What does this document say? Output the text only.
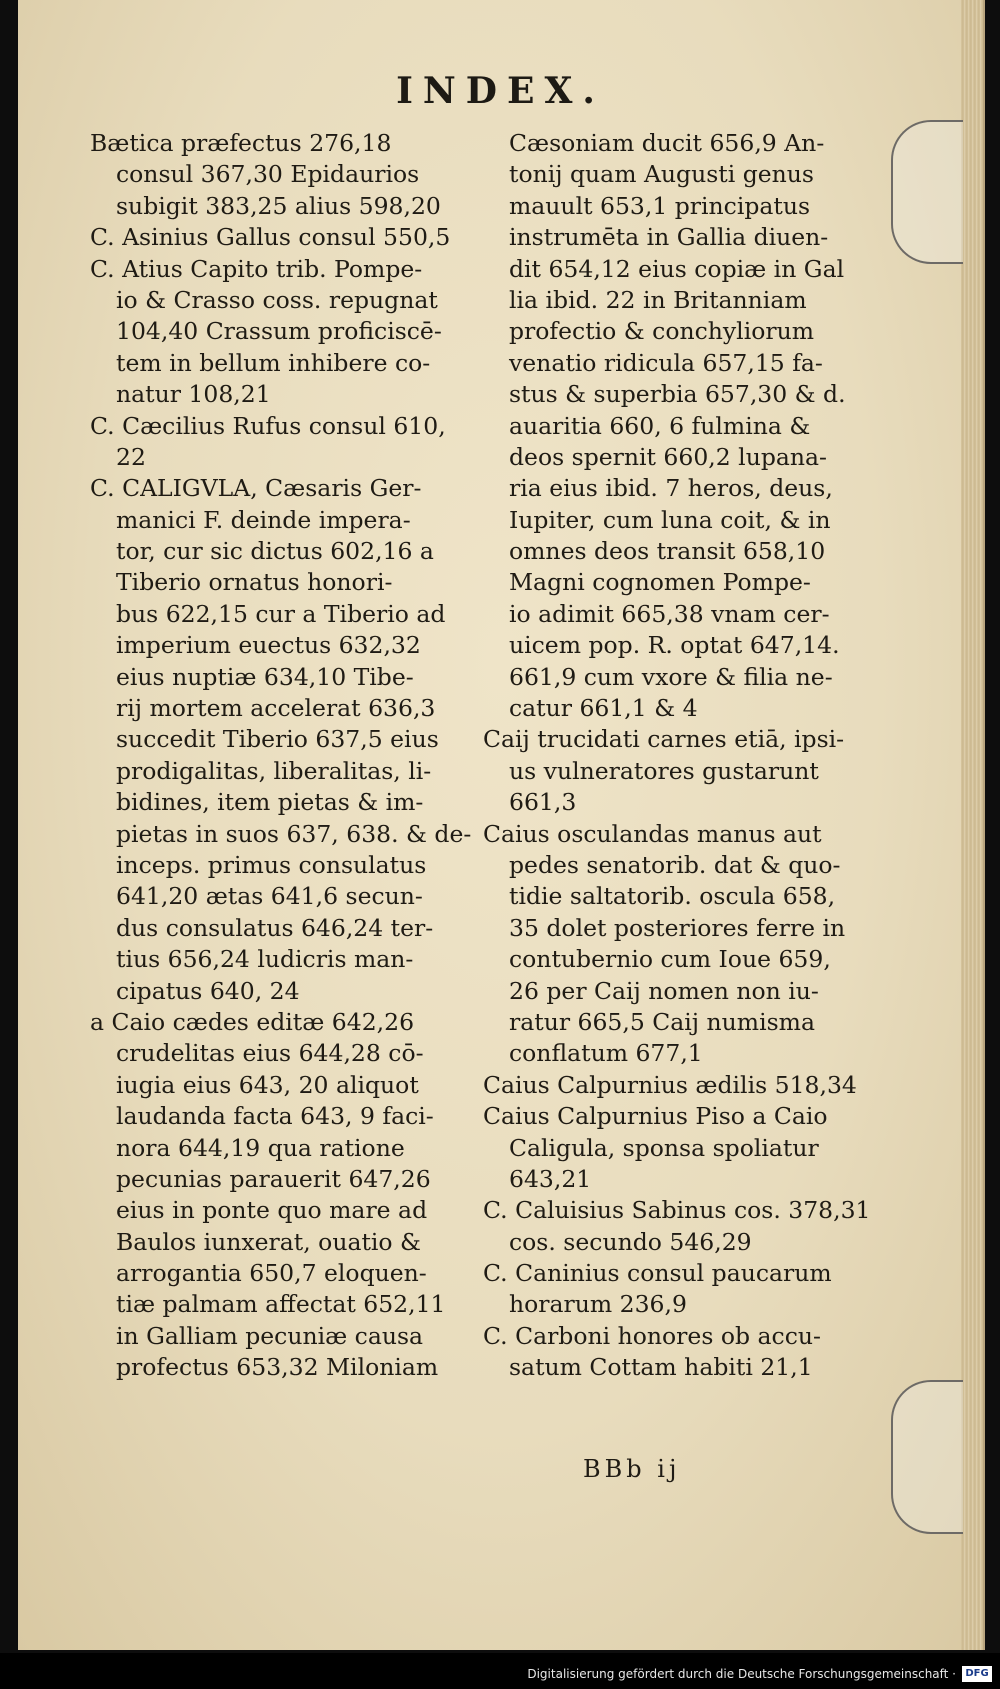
INDEX.
Bætica præfectus 276,18
consul 367,30 Epidaurios
subigit 383,25 alius 598,20
C. Asinius Gallus consul 550,5
C. Atius Capito trib. Pompe-
io & Crasso coss. repugnat
104,40 Crassum proficiscē-
tem in bellum inhibere co-
natur 108,21
C. Cæcilius Rufus consul 610,
22
C. CALIGVLA, Cæsaris Ger-
manici F. deinde impera-
tor, cur sic dictus 602,16 a
Tiberio ornatus honori-
bus 622,15 cur a Tiberio ad
imperium euectus 632,32
eius nuptiæ 634,10 Tibe-
rij mortem accelerat 636,3
succedit Tiberio 637,5 eius
prodigalitas, liberalitas, li-
bidines, item pietas & im-
pietas in suos 637, 638. & de-
inceps. primus consulatus
641,20 ætas 641,6 secun-
dus consulatus 646,24 ter-
tius 656,24 ludicris man-
cipatus 640, 24
a Caio cædes editæ 642,26
crudelitas eius 644,28 cō-
iugia eius 643, 20 aliquot
laudanda facta 643, 9 faci-
nora 644,19 qua ratione
pecunias parauerit 647,26
eius in ponte quo mare ad
Baulos iunxerat, ouatio &
arrogantia 650,7 eloquen-
tiæ palmam affectat 652,11
in Galliam pecuniæ causa
profectus 653,32 Miloniam
Cæsoniam ducit 656,9 An-
tonij quam Augusti genus
mauult 653,1 principatus
instrumēta in Gallia diuen-
dit 654,12 eius copiæ in Gal
lia ibid. 22 in Britanniam
profectio & conchyliorum
venatio ridicula 657,15 fa-
stus & superbia 657,30 & d.
auaritia 660, 6 fulmina &
deos spernit 660,2 lupana-
ria eius ibid. 7 heros, deus,
Iupiter, cum luna coit, & in
omnes deos transit 658,10
Magni cognomen Pompe-
io adimit 665,38 vnam cer-
uicem pop. R. optat 647,14.
661,9 cum vxore & filia ne-
catur 661,1 & 4
Caij trucidati carnes etiā, ipsi-
us vulneratores gustarunt
661,3
Caius osculandas manus aut
pedes senatorib. dat & quo-
tidie saltatorib. oscula 658,
35 dolet posteriores ferre in
contubernio cum Ioue 659,
26 per Caij nomen non iu-
ratur 665,5 Caij numisma
conflatum 677,1
Caius Calpurnius ædilis 518,34
Caius Calpurnius Piso a Caio
Caligula, sponsa spoliatur
643,21
C. Caluisius Sabinus cos. 378,31
cos. secundo 546,29
C. Caninius consul paucarum
horarum 236,9
C. Carboni honores ob accu-
satum Cottam habiti 21,1
BBb ij
Digitalisierung gefördert durch die Deutsche Forschungsgemeinschaft · DFG
